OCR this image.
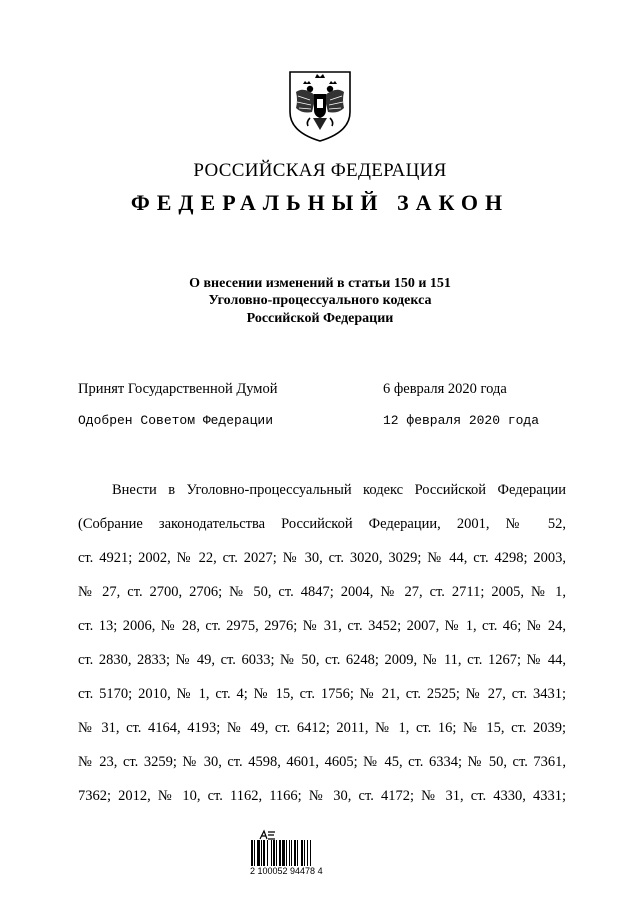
РОССИЙСКАЯ ФЕДЕРАЦИЯ
ФЕДЕРАЛЬНЫЙ ЗАКОН
О внесении изменений в статьи 150 и 151
Уголовно-процессуального кодекса
Российской Федерации
Принят Государственной Думой	6 февраля 2020 года
Одобрен Советом Федерации	12 февраля 2020 года
Внести в Уголовно-процессуальный кодекс Российской Федерации
(Собрание законодательства Российской Федерации, 2001, № 52,
ст. 4921; 2002, № 22, ст. 2027; № 30, ст. 3020, 3029; № 44, ст. 4298; 2003,
№ 27, ст. 2700, 2706; № 50, ст. 4847; 2004, № 27, ст. 2711; 2005, № 1,
ст. 13; 2006, № 28, ст. 2975, 2976; № 31, ст. 3452; 2007, № 1, ст. 46; № 24,
ст. 2830, 2833; № 49, ст. 6033; № 50, ст. 6248; 2009, № 11, ст. 1267; № 44,
ст. 5170; 2010, № 1, ст. 4; № 15, ст. 1756; № 21, ст. 2525; № 27, ст. 3431;
№ 31, ст. 4164, 4193; № 49, ст. 6412; 2011, № 1, ст. 16; № 15, ст. 2039;
№ 23, ст. 3259; № 30, ст. 4598, 4601, 4605; № 45, ст. 6334; № 50, ст. 7361,
7362; 2012, № 10, ст. 1162, 1166; № 30, ст. 4172; № 31, ст. 4330, 4331;
2 100052 94478 4
